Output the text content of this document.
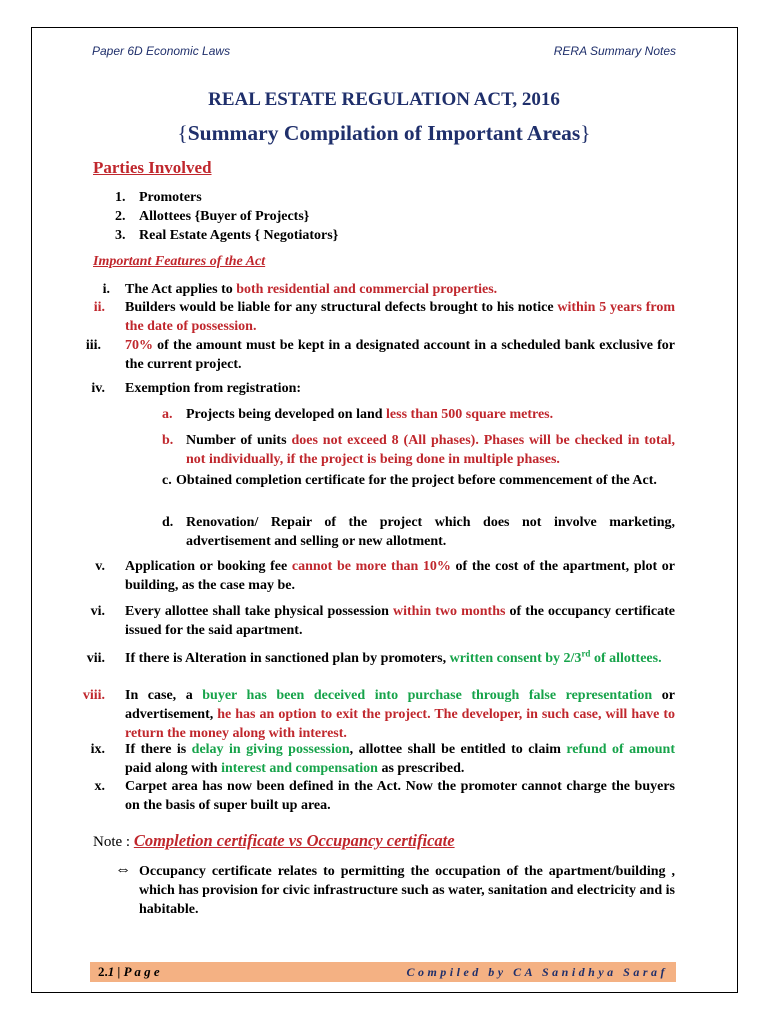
Paper 6D Economic Laws	RERA Summary Notes
REAL ESTATE REGULATION ACT, 2016
{Summary Compilation of Important Areas}
Parties Involved
1. Promoters
2. Allottees {Buyer of Projects}
3. Real Estate Agents { Negotiators}
Important Features of the Act
i. The Act applies to both residential and commercial properties.
ii. Builders would be liable for any structural defects brought to his notice within 5 years from the date of possession.
iii. 70% of the amount must be kept in a designated account in a scheduled bank exclusive for the current project.
iv. Exemption from registration:
a. Projects being developed on land less than 500 square metres.
b. Number of units does not exceed 8 (All phases). Phases will be checked in total, not individually, if the project is being done in multiple phases.
c. Obtained completion certificate for the project before commencement of the Act.
d. Renovation/ Repair of the project which does not involve marketing, advertisement and selling or new allotment.
v. Application or booking fee cannot be more than 10% of the cost of the apartment, plot or building, as the case may be.
vi. Every allottee shall take physical possession within two months of the occupancy certificate issued for the said apartment.
vii. If there is Alteration in sanctioned plan by promoters, written consent by 2/3rd of allottees.
viii. In case, a buyer has been deceived into purchase through false representation or advertisement, he has an option to exit the project. The developer, in such case, will have to return the money along with interest.
ix. If there is delay in giving possession, allottee shall be entitled to claim refund of amount paid along with interest and compensation as prescribed.
x. Carpet area has now been defined in the Act. Now the promoter cannot charge the buyers on the basis of super built up area.
Note : Completion certificate vs Occupancy certificate
⇔ Occupancy certificate relates to permitting the occupation of the apartment/building , which has provision for civic infrastructure such as water, sanitation and electricity and is habitable.
2.1 | P a g e	Compiled by CA Sanidhya Saraf
